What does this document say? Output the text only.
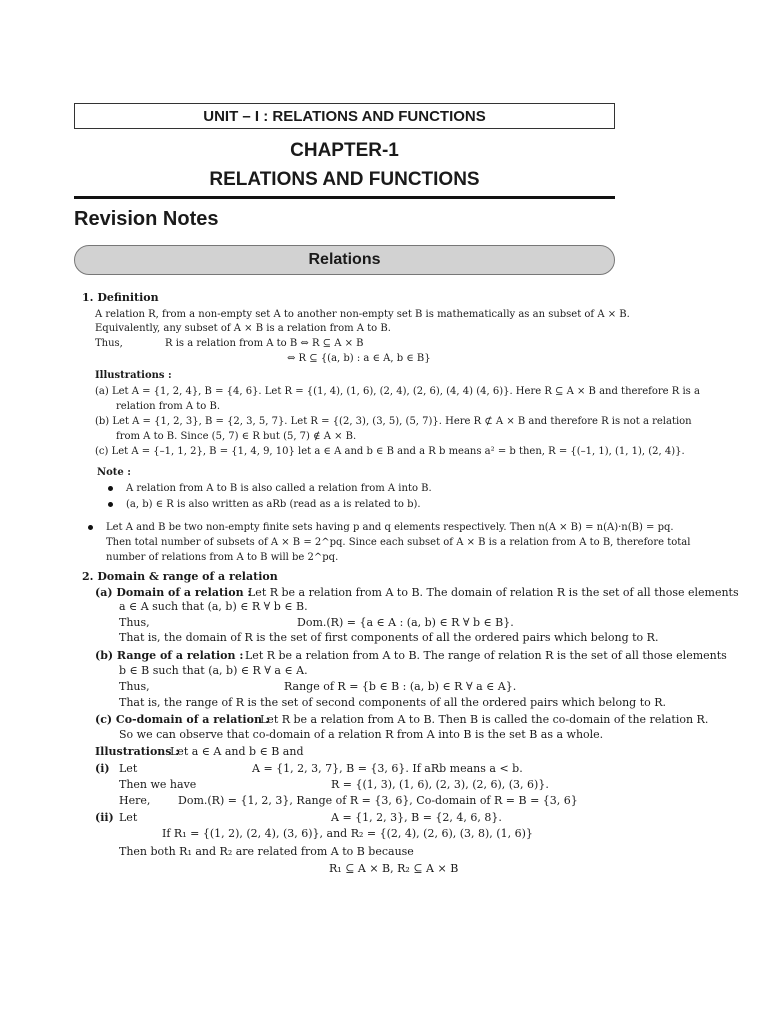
UNIT – I : RELATIONS AND FUNCTIONS
CHAPTER-1
RELATIONS AND FUNCTIONS
Revision Notes
Relations
1. Definition
A relation R, from a non-empty set A to another non-empty set B is mathematically as an subset of A × B.
Equivalently, any subset of A × B is a relation from A to B.
Thus,	R is a relation from A to B ⇔ R ⊆ A × B
⇔ R ⊆ {(a, b) : a ∈ A, b ∈ B}
Illustrations :
(a) Let A = {1, 2, 4}, B = {4, 6}. Let R = {(1, 4), (1, 6), (2, 4), (2, 6), (4, 4) (4, 6)}. Here R ⊆ A × B and therefore R is a
relation from A to B.
(b) Let A = {1, 2, 3}, B = {2, 3, 5, 7}. Let R = {(2, 3), (3, 5), (5, 7)}. Here R ⊄ A × B and therefore R is not a relation
from A to B. Since (5, 7) ∈ R but (5, 7) ∉ A × B.
(c) Let A = {–1, 1, 2}, B = {1, 4, 9, 10} let a ∈ A and b ∈ B and a R b means a² = b then, R = {(–1, 1), (1, 1), (2, 4)}.
Note :
A relation from A to B is also called a relation from A into B.
(a, b) ∈ R is also written as aRb (read as a is related to b).
Let A and B be two non-empty finite sets having p and q elements respectively. Then n(A × B) = n(A)·n(B) = pq.
Then total number of subsets of A × B = 2^pq. Since each subset of A × B is a relation from A to B, therefore total
number of relations from A to B will be 2^pq.
2. Domain & range of a relation
(a) Domain of a relation :
Let R be a relation from A to B. The domain of relation R is the set of all those elements
a ∈ A such that (a, b) ∈ R ∀ b ∈ B.
Thus,	Dom.(R) = {a ∈ A : (a, b) ∈ R ∀ b ∈ B}.
That is, the domain of R is the set of first components of all the ordered pairs which belong to R.
(b) Range of a relation : Let R be a relation from A to B. The range of relation R is the set of all those elements
b ∈ B such that (a, b) ∈ R ∀ a ∈ A.
Thus,	Range of R = {b ∈ B : (a, b) ∈ R ∀ a ∈ A}.
That is, the range of R is the set of second components of all the ordered pairs which belong to R.
(c) Co-domain of a relation :
Let R be a relation from A to B. Then B is called the co-domain of the relation R.
So we can observe that co-domain of a relation R from A into B is the set B as a whole.
Illustrations :
Let a ∈ A and b ∈ B and
(i) Let	A = {1, 2, 3, 7}, B = {3, 6}. If aRb means a < b.
Then we have	R = {(1, 3), (1, 6), (2, 3), (2, 6), (3, 6)}.
Here,	Dom.(R) = {1, 2, 3}, Range of R = {3, 6}, Co-domain of R = B = {3, 6}
(ii) Let	A = {1, 2, 3}, B = {2, 4, 6, 8}.
If R₁ = {(1, 2), (2, 4), (3, 6)}, and R₂ = {(2, 4), (2, 6), (3, 8), (1, 6)}
Then both R₁ and R₂ are related from A to B because
R₁ ⊆ A × B, R₂ ⊆ A × B
